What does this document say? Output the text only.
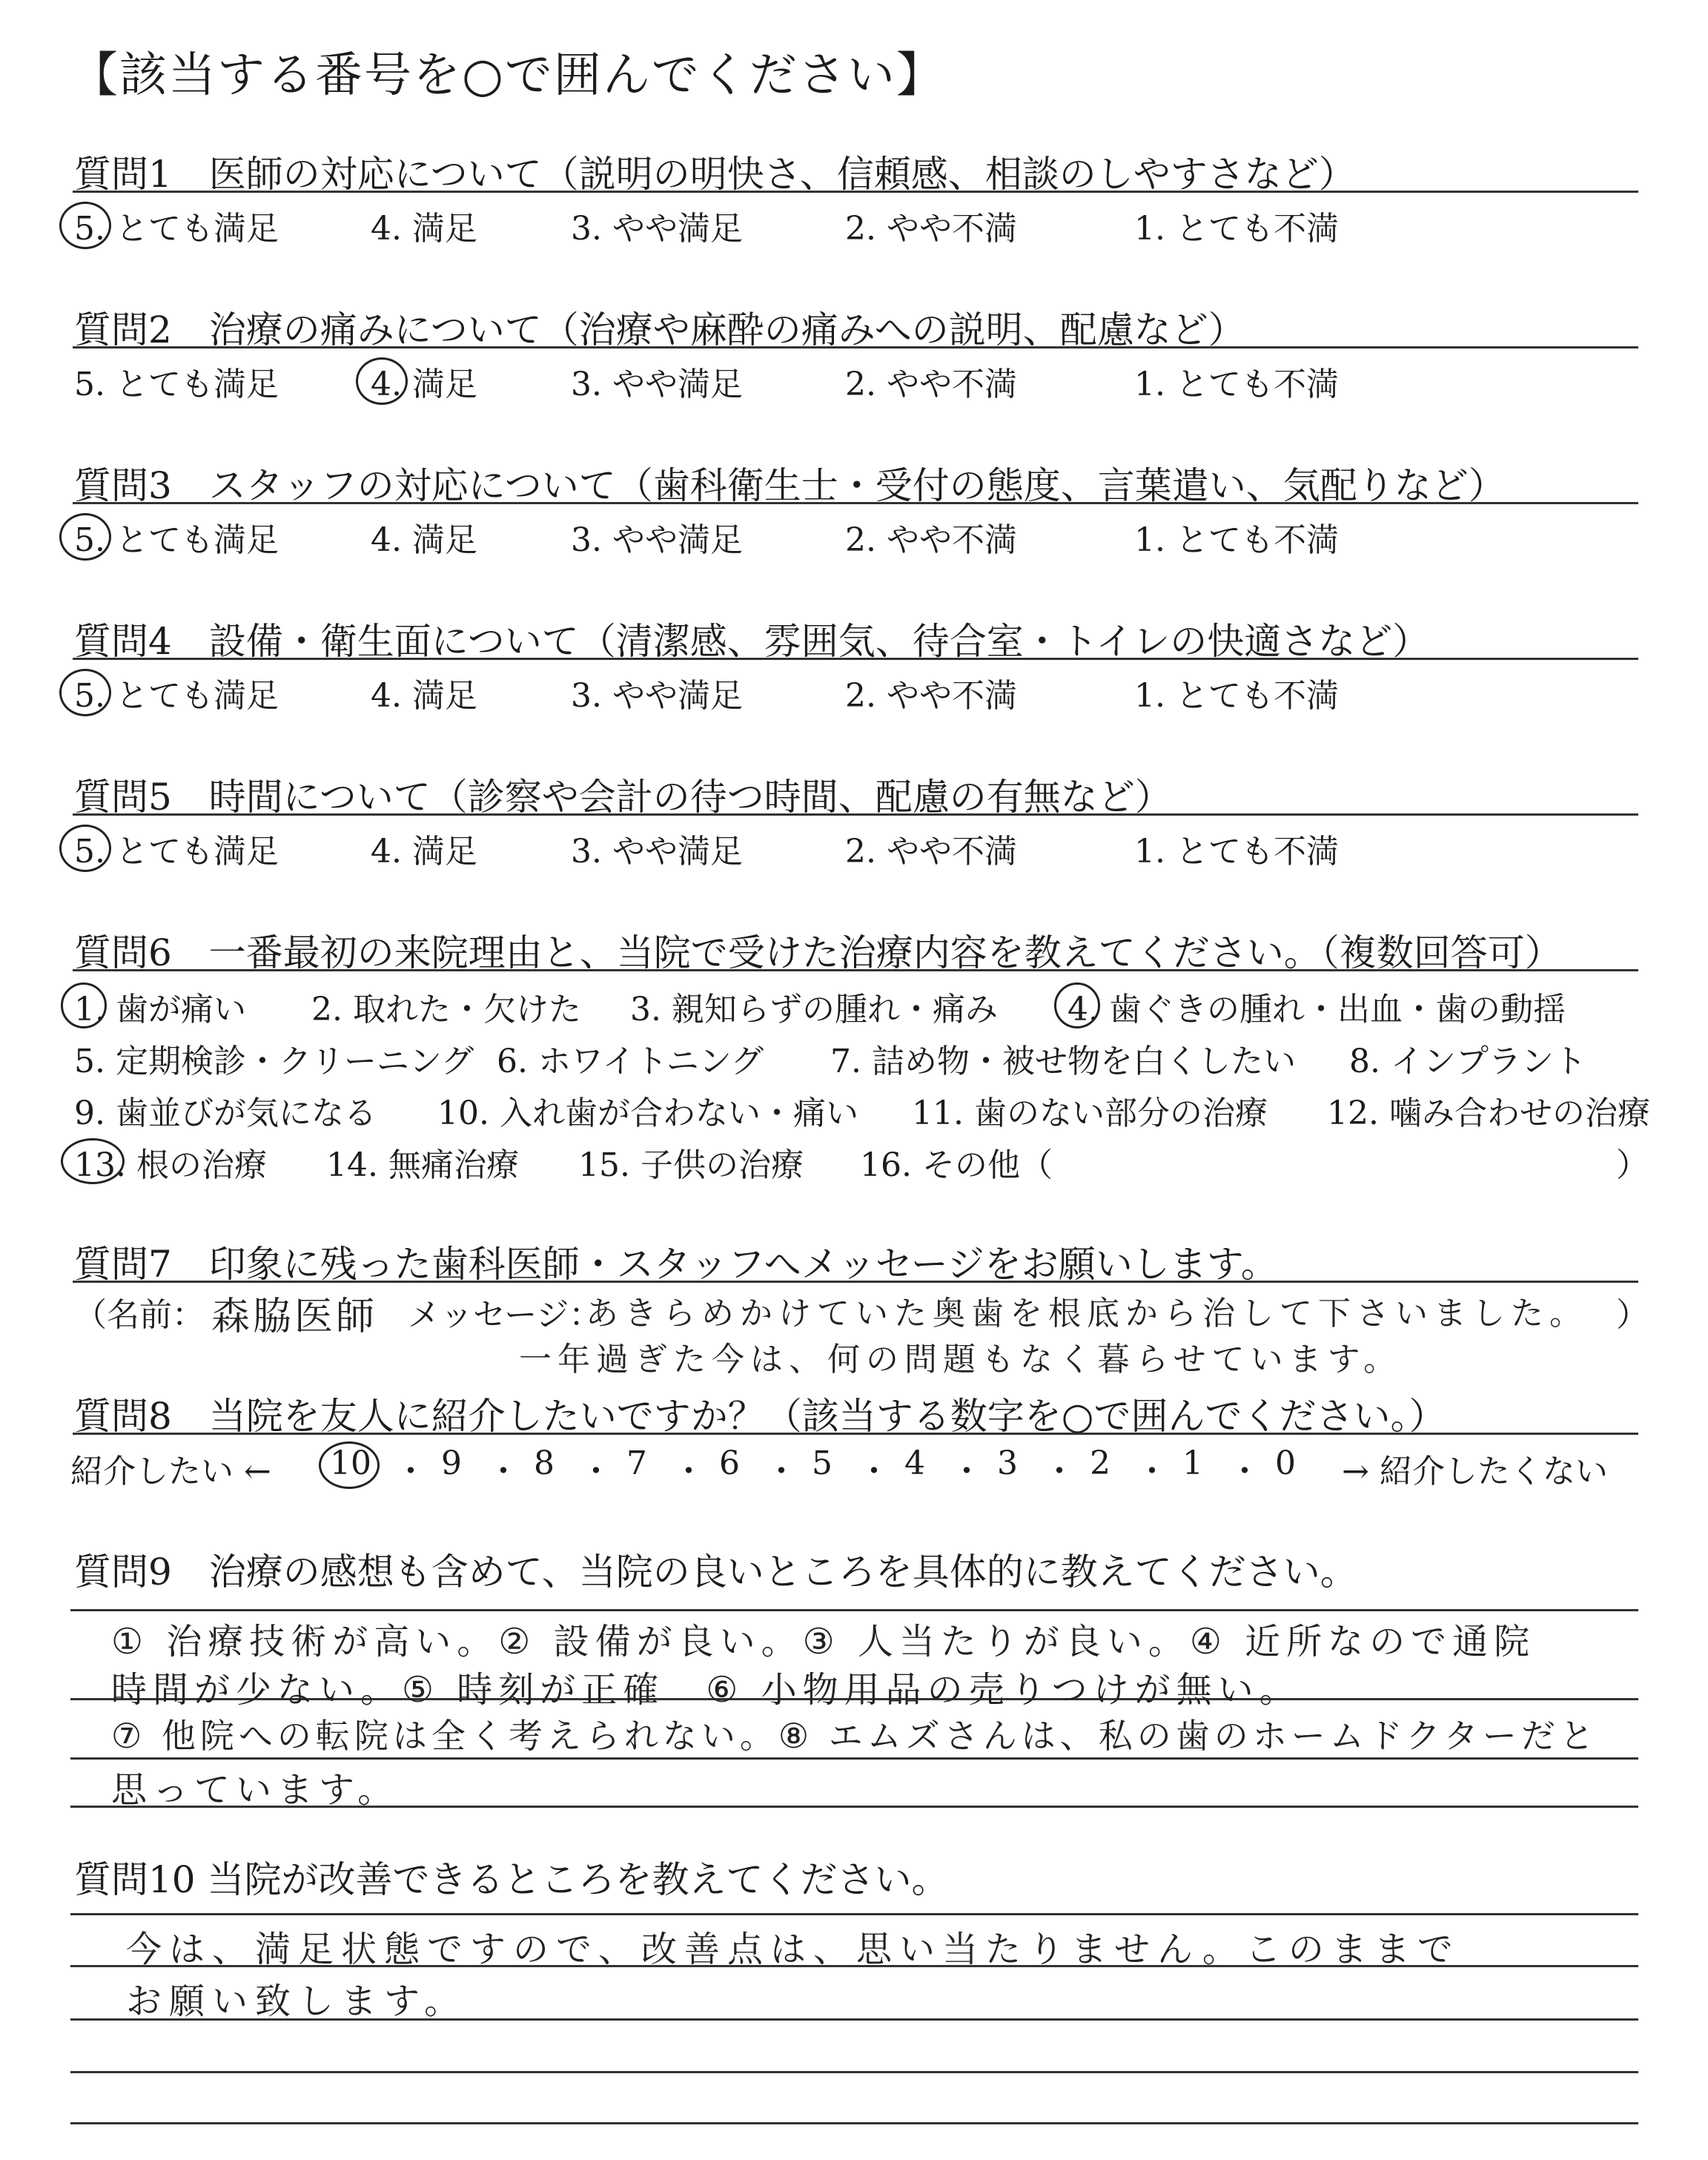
【該当する番号を○で囲んでください】
質問1　医師の対応について（説明の明快さ、信頼感、相談のしやすさなど）
5. とても満足	4. 満足	3. やや満足	2. やや不満	1. とても不満
質問2　治療の痛みについて（治療や麻酔の痛みへの説明、配慮など）
5. とても満足	4. 満足	3. やや満足	2. やや不満	1. とても不満
質問3　スタッフの対応について（歯科衛生士・受付の態度、言葉遣い、気配りなど）
5. とても満足	4. 満足	3. やや満足	2. やや不満	1. とても不満
質問4　設備・衛生面について（清潔感、雰囲気、待合室・トイレの快適さなど）
5. とても満足	4. 満足	3. やや満足	2. やや不満	1. とても不満
質問5　時間について（診察や会計の待つ時間、配慮の有無など）
5. とても満足	4. 満足	3. やや満足	2. やや不満	1. とても不満
質問6　一番最初の来院理由と、当院で受けた治療内容を教えてください。（複数回答可）
1. 歯が痛い 2. 取れた・欠けた 3. 親知らずの腫れ・痛み 4. 歯ぐきの腫れ・出血・歯の動揺
5. 定期検診・クリーニング 6. ホワイトニング 7. 詰め物・被せ物を白くしたい 8. インプラント
9. 歯並びが気になる 10. 入れ歯が合わない・痛い 11. 歯のない部分の治療 12. 噛み合わせの治療
13. 根の治療 14. 無痛治療 15. 子供の治療 16. その他（	）
質問7　印象に残った歯科医師・スタッフへメッセージをお願いします。
（名前： 森脇医師 メッセージ：
あきらめかけていた奥歯を根底から治して下さいました。 ）
一年過ぎた今は、何の問題もなく暮らせています。
質問8　当院を友人に紹介したいですか？（該当する数字を○で囲んでください。）
紹介したい ← 10 ・ 9 ・ 8 ・ 7 ・ 6 ・ 5 ・ 4 ・ 3 ・ 2 ・ 1 ・ 0 → 紹介したくない
質問9　治療の感想も含めて、当院の良いところを具体的に教えてください。
① 治療技術が高い。② 設備が良い。③ 人当たりが良い。④ 近所なので通院
時間が少ない。⑤ 時刻が正確　⑥ 小物用品の売りつけが無い。
⑦ 他院への転院は全く考えられない。⑧ エムズさんは、私の歯のホームドクターだと
思っています。
質問10 当院が改善できるところを教えてください。
今は、満足状態ですので、改善点は、思い当たりません。このままで
お願い致します。
